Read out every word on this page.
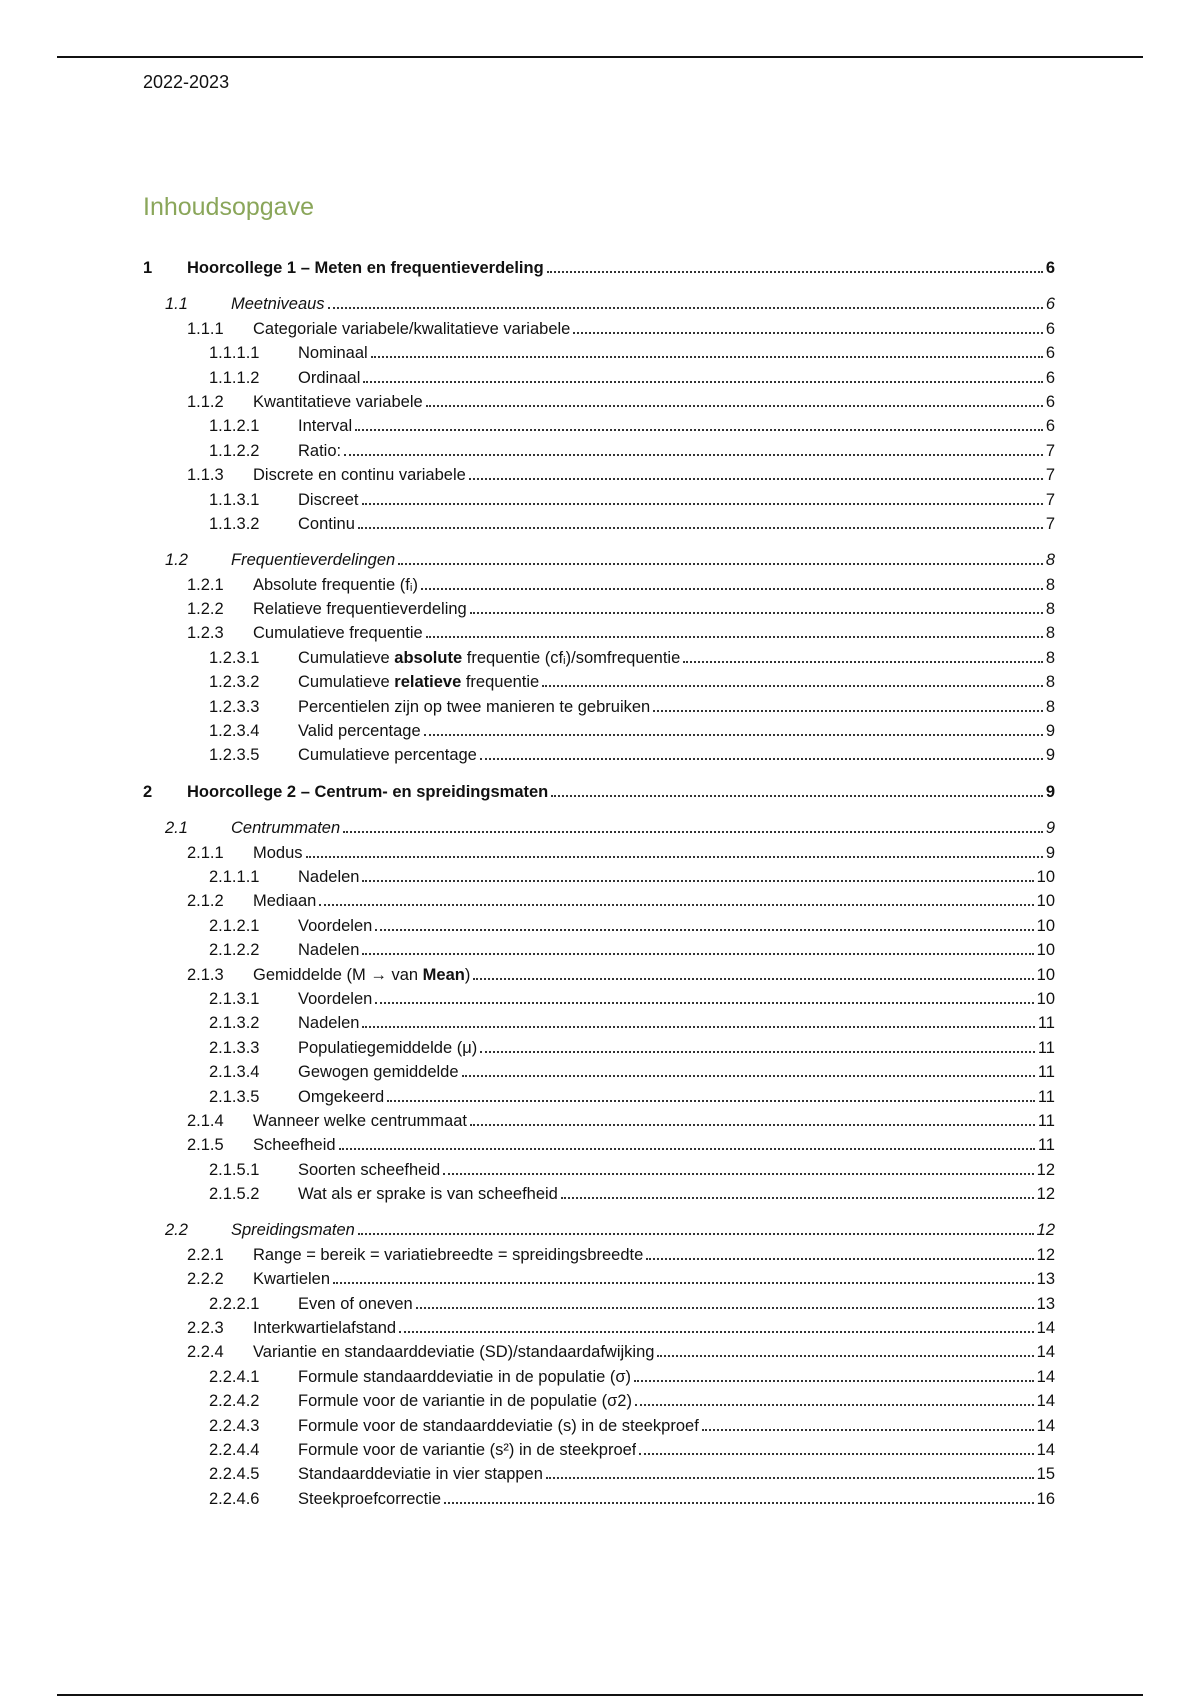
2022-2023
Inhoudsopgave
1	Hoorcollege 1 – Meten en frequentieverdeling	6
1.1	Meetniveaus	6
1.1.1	Categoriale variabele/kwalitatieve variabele	6
1.1.1.1	Nominaal	6
1.1.1.2	Ordinaal	6
1.1.2	Kwantitatieve variabele	6
1.1.2.1	Interval	6
1.1.2.2	Ratio:	7
1.1.3	Discrete en continu variabele	7
1.1.3.1	Discreet	7
1.1.3.2	Continu	7
1.2	Frequentieverdelingen	8
1.2.1	Absolute frequentie (fᵢ)	8
1.2.2	Relatieve frequentieverdeling	8
1.2.3	Cumulatieve frequentie	8
1.2.3.1	Cumulatieve absolute frequentie (cfᵢ)/somfrequentie	8
1.2.3.2	Cumulatieve relatieve frequentie	8
1.2.3.3	Percentielen zijn op twee manieren te gebruiken	8
1.2.3.4	Valid percentage	9
1.2.3.5	Cumulatieve percentage	9
2	Hoorcollege 2 – Centrum- en spreidingsmaten	9
2.1	Centrummaten	9
2.1.1	Modus	9
2.1.1.1	Nadelen	10
2.1.2	Mediaan	10
2.1.2.1	Voordelen	10
2.1.2.2	Nadelen	10
2.1.3	Gemiddelde (M → van Mean)	10
2.1.3.1	Voordelen	10
2.1.3.2	Nadelen	11
2.1.3.3	Populatiegemiddelde (μ)	11
2.1.3.4	Gewogen gemiddelde	11
2.1.3.5	Omgekeerd	11
2.1.4	Wanneer welke centrummaat	11
2.1.5	Scheefheid	11
2.1.5.1	Soorten scheefheid	12
2.1.5.2	Wat als er sprake is van scheefheid	12
2.2	Spreidingsmaten	12
2.2.1	Range = bereik = variatiebreedte = spreidingsbreedte	12
2.2.2	Kwartielen	13
2.2.2.1	Even of oneven	13
2.2.3	Interkwartielafstand	14
2.2.4	Variantie en standaarddeviatie (SD)/standaardafwijking	14
2.2.4.1	Formule standaarddeviatie in de populatie (σ)	14
2.2.4.2	Formule voor de variantie in de populatie (σ2)	14
2.2.4.3	Formule voor de standaarddeviatie (s) in de steekproef	14
2.2.4.4	Formule voor de variantie (s²) in de steekproef	14
2.2.4.5	Standaarddeviatie in vier stappen	15
2.2.4.6	Steekproefcorrectie	16
